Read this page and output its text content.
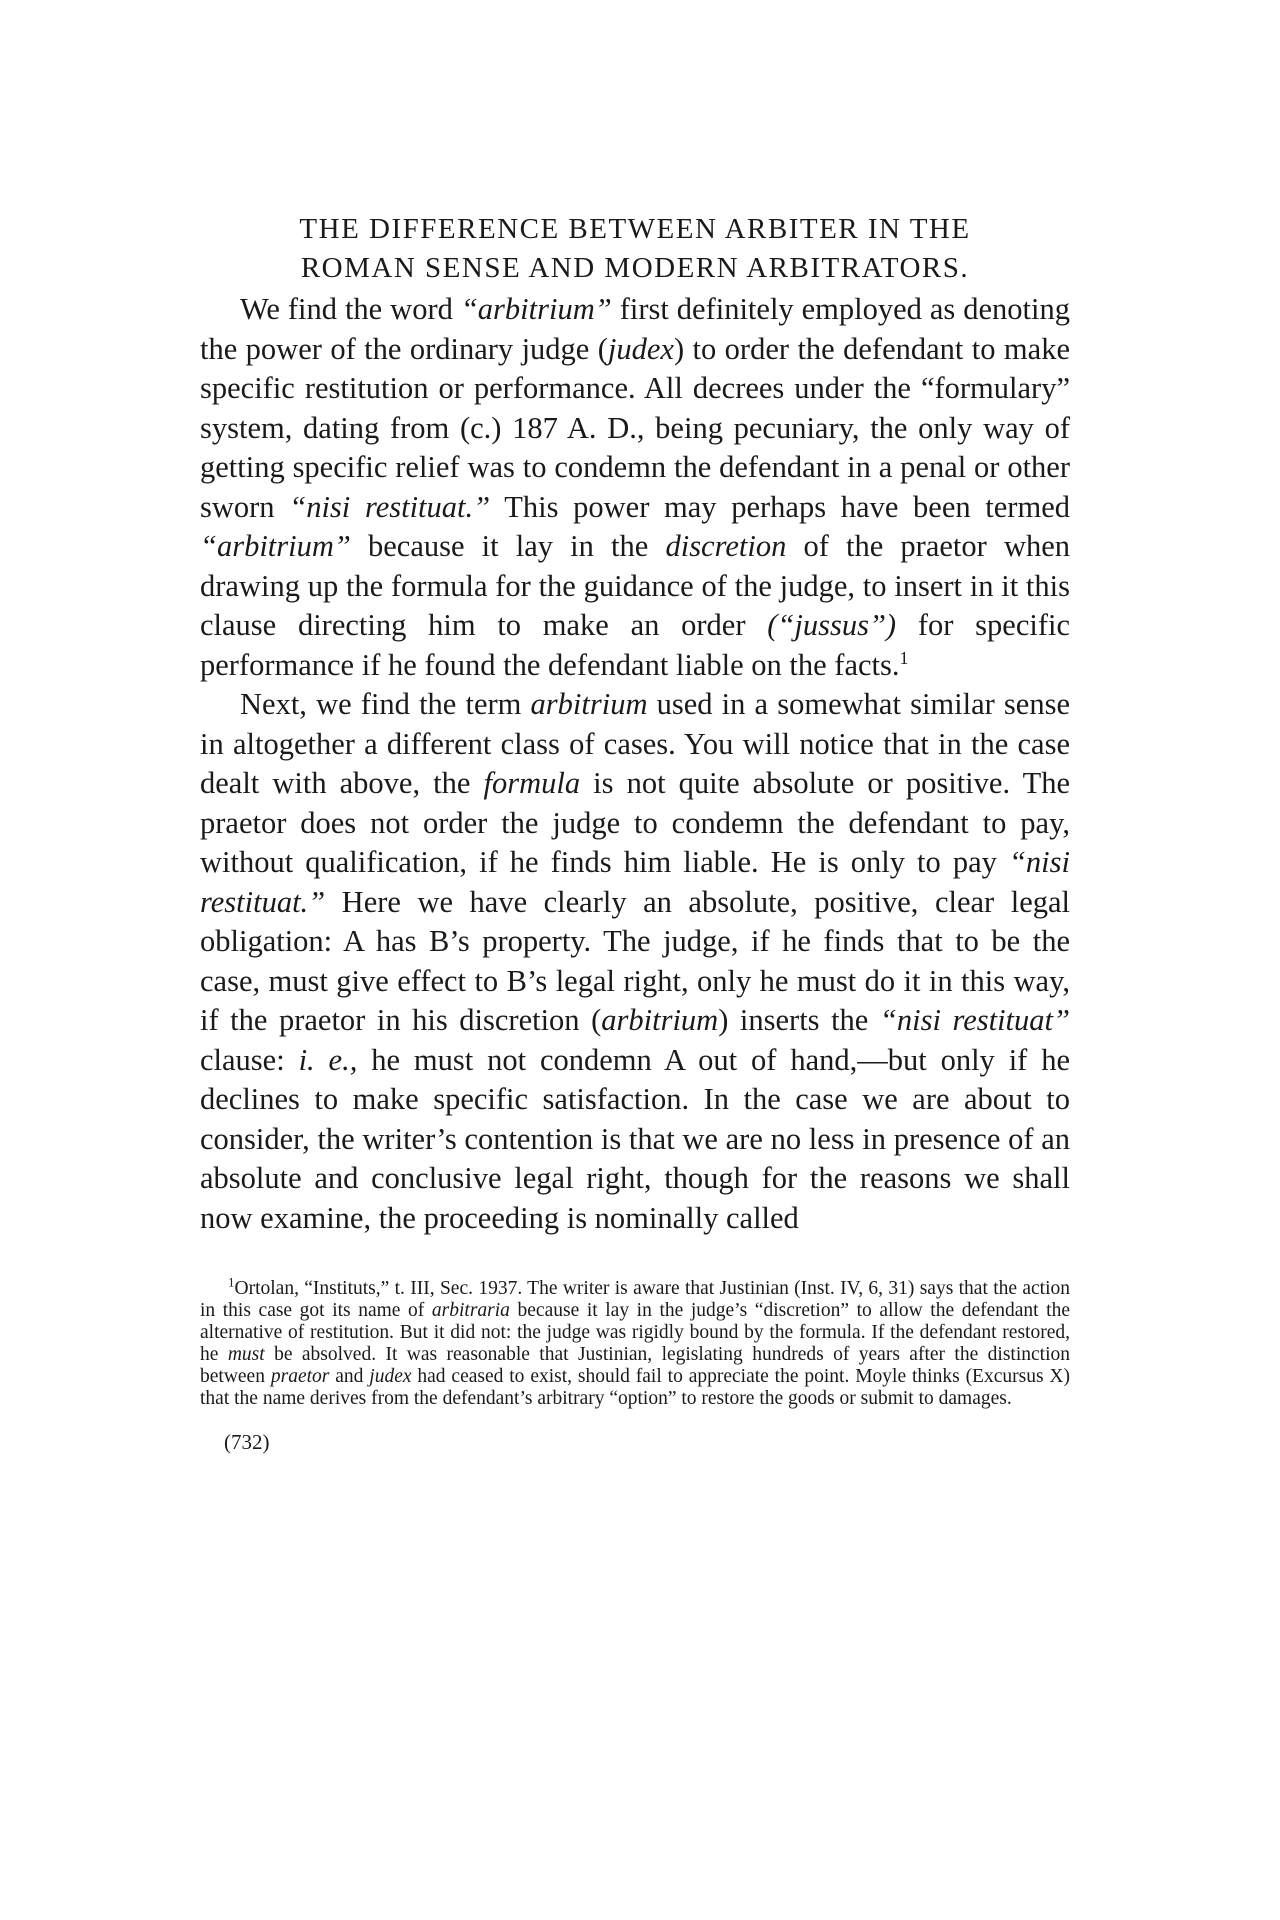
THE DIFFERENCE BETWEEN ARBITER IN THE
ROMAN SENSE AND MODERN ARBITRATORS.

We find the word “arbitrium” first definitely employed as denoting the power of the ordinary judge (judex) to order the defendant to make specific restitution or performance. All decrees under the “formulary” system, dating from (c.) 187 A. D., being pecuniary, the only way of getting specific relief was to condemn the defendant in a penal or other sworn “nisi restituat.” This power may perhaps have been termed “arbitrium” because it lay in the discretion of the praetor when drawing up the formula for the guidance of the judge, to insert in it this clause directing him to make an order (“jussus”) for specific performance if he found the defendant liable on the facts.$^1$

Next, we find the term arbitrium used in a somewhat similar sense in altogether a different class of cases. You will notice that in the case dealt with above, the formula is not quite absolute or positive. The praetor does not order the judge to condemn the defendant to pay, without qualification, if he finds him liable. He is only to pay “nisi restituat.” Here we have clearly an absolute, positive, clear legal obligation: A has B’s property. The judge, if he finds that to be the case, must give effect to B’s legal right, only he must do it in this way, if the praetor in his discretion (arbitrium) inserts the “nisi restituat” clause: i. e., he must not condemn A out of hand,—but only if he declines to make specific satisfaction. In the case we are about to consider, the writer’s contention is that we are no less in presence of an absolute and conclusive legal right, though for the reasons we shall now examine, the proceeding is nominally called

$^1$Ortolan, “Instituts,” t. III, Sec. 1937. The writer is aware that Justinian (Inst. IV, 6, 31) says that the action in this case got its name of arbitraria because it lay in the judge’s “discretion” to allow the defendant the alternative of restitution. But it did not: the judge was rigidly bound by the formula. If the defendant restored, he must be absolved. It was reasonable that Justinian, legislating hundreds of years after the distinction between praetor and judex had ceased to exist, should fail to appreciate the point. Moyle thinks (Excursus X) that the name derives from the defendant’s arbitrary “option” to restore the goods or submit to damages.

(732)
